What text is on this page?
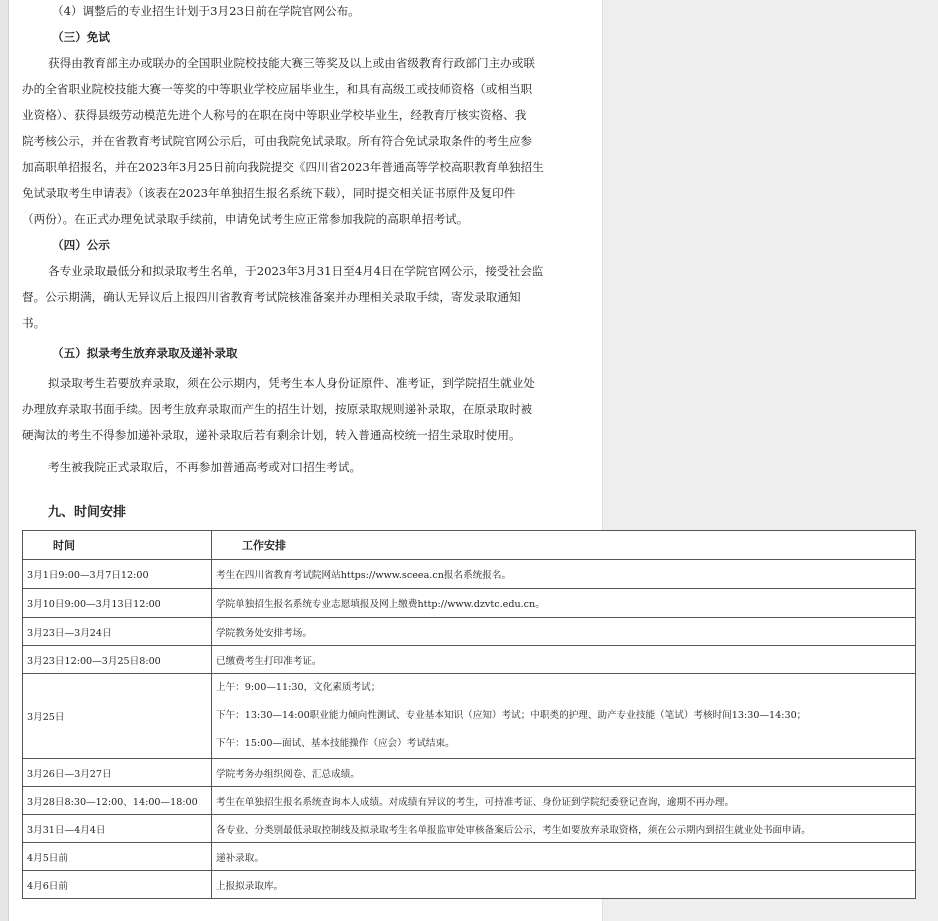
（4）调整后的专业招生计划于3月23日前在学院官网公布。

（三）免试

获得由教育部主办或联办的全国职业院校技能大赛三等奖及以上或由省级教育行政部门主办或联

办的全省职业院校技能大赛一等奖的中等职业学校应届毕业生，和具有高级工或技师资格（或相当职

业资格）、获得县级劳动模范先进个人称号的在职在岗中等职业学校毕业生，经教育厅核实资格、我

院考核公示，并在省教育考试院官网公示后，可由我院免试录取。所有符合免试录取条件的考生应参

加高职单招报名，并在2023年3月25日前向我院提交《四川省2023年普通高等学校高职教育单独招生

免试录取考生申请表》（该表在2023年单独招生报名系统下载），同时提交相关证书原件及复印件

（两份）。在正式办理免试录取手续前，申请免试考生应正常参加我院的高职单招考试。

（四）公示

各专业录取最低分和拟录取考生名单，于2023年3月31日至4月4日在学院官网公示，接受社会监

督。公示期满，确认无异议后上报四川省教育考试院核准备案并办理相关录取手续，寄发录取通知

书。

（五）拟录考生放弃录取及递补录取

拟录取考生若要放弃录取，须在公示期内，凭考生本人身份证原件、准考证，到学院招生就业处

办理放弃录取书面手续。因考生放弃录取而产生的招生计划，按原录取规则递补录取，在原录取时被

硬淘汰的考生不得参加递补录取，递补录取后若有剩余计划，转入普通高校统一招生录取时使用。

考生被我院正式录取后，不再参加普通高考或对口招生考试。

九、时间安排

时间	工作安排
3月1日9:00—3月7日12:00	考生在四川省教育考试院网站https://www.sceea.cn报名系统报名。
3月10日9:00—3月13日12:00	学院单独招生报名系统专业志愿填报及网上缴费http://www.dzvtc.edu.cn。
3月23日—3月24日	学院教务处安排考场。
3月23日12:00—3月25日8:00	已缴费考生打印准考证。
3月25日	上午：9:00—11:30，文化素质考试；
下午：13:30—14:00职业能力倾向性测试、专业基本知识（应知）考试；中职类的护理、助产专业技能（笔试）考核时间13:30—14:30；
下午：15:00—面试、基本技能操作（应会）考试结束。

3月26日—3月27日	学院考务办组织阅卷、汇总成绩。
3月28日8:30—12:00、14:00—18:00	考生在单独招生报名系统查询本人成绩。对成绩有异议的考生，可持准考证、身份证到学院纪委登记查询，逾期不再办理。
3月31日—4月4日	各专业、分类别最低录取控制线及拟录取考生名单报监审处审核备案后公示，考生如要放弃录取资格，须在公示期内到招生就业处书面申请。
4月5日前	递补录取。
4月6日前	上报拟录取库。
